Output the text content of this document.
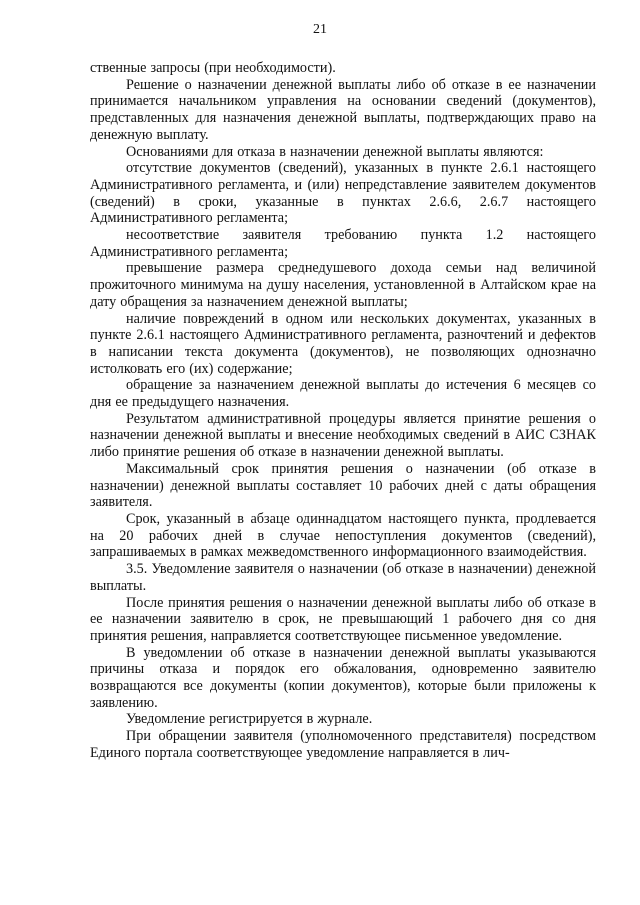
21

ственные запросы (при необходимости).

Решение о назначении денежной выплаты либо об отказе в ее назначении принимается начальником управления на основании сведений (документов), представленных для назначения денежной выплаты, подтверждающих право на денежную выплату.

Основаниями для отказа в назначении денежной выплаты являются:

отсутствие документов (сведений), указанных в пункте 2.6.1 настоящего Административного регламента, и (или) непредставление заявителем документов (сведений) в сроки, указанные в пунктах 2.6.6, 2.6.7 настоящего Административного регламента;

несоответствие заявителя требованию пункта 1.2 настоящего Административного регламента;

превышение размера среднедушевого дохода семьи над величиной прожиточного минимума на душу населения, установленной в Алтайском крае на дату обращения за назначением денежной выплаты;

наличие повреждений в одном или нескольких документах, указанных в пункте 2.6.1 настоящего Административного регламента, разночтений и дефектов в написании текста документа (документов), не позволяющих однозначно истолковать его (их) содержание;

обращение за назначением денежной выплаты до истечения 6 месяцев со дня ее предыдущего назначения.

Результатом административной процедуры является принятие решения о назначении денежной выплаты и внесение необходимых сведений в АИС СЗНАК либо принятие решения об отказе в назначении денежной выплаты.

Максимальный срок принятия решения о назначении (об отказе в назначении) денежной выплаты составляет 10 рабочих дней с даты обращения заявителя.

Срок, указанный в абзаце одиннадцатом настоящего пункта, продлевается на 20 рабочих дней в случае непоступления документов (сведений), запрашиваемых в рамках межведомственного информационного взаимодействия.

3.5. Уведомление заявителя о назначении (об отказе в назначении) денежной выплаты.

После принятия решения о назначении денежной выплаты либо об отказе в ее назначении заявителю в срок, не превышающий 1 рабочего дня со дня принятия решения, направляется соответствующее письменное уведомление.

В уведомлении об отказе в назначении денежной выплаты указываются причины отказа и порядок его обжалования, одновременно заявителю возвращаются все документы (копии документов), которые были приложены к заявлению.

Уведомление регистрируется в журнале.

При обращении заявителя (уполномоченного представителя) посредством Единого портала соответствующее уведомление направляется в лич-
